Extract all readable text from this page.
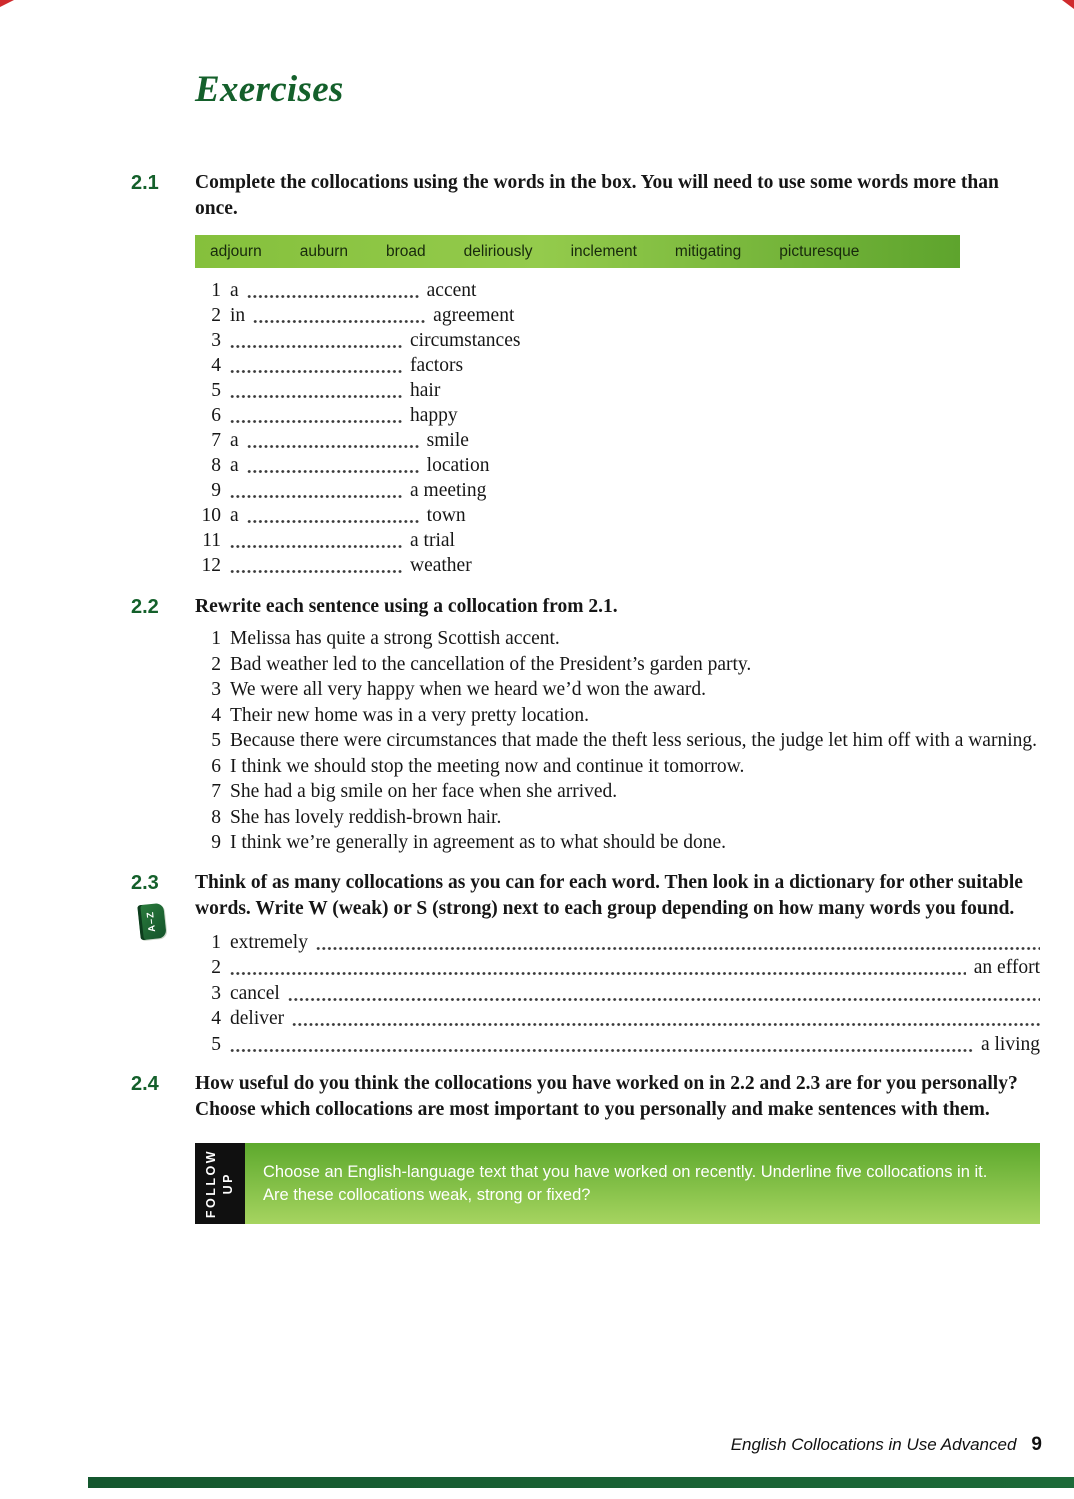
Exercises
2.1 Complete the collocations using the words in the box. You will need to use some words more than once.

adjourn auburn broad deliriously inclement mitigating picturesque
1 a	accent
2 in	agreement
3	circumstances
4	factors
5	hair
6	happy
7 a	smile
8 a	location
9	a meeting
10 a	town
11	a trial
12	weather
2.2 Rewrite each sentence using a collocation from 2.1.

1 Melissa has quite a strong Scottish accent.
2 Bad weather led to the cancellation of the President’s garden party.
3 We were all very happy when we heard we’d won the award.
4 Their new home was in a very pretty location.
5 Because there were circumstances that made the theft less serious, the judge let him off with a warning.
6 I think we should stop the meeting now and continue it tomorrow.
7 She had a big smile on her face when she arrived.
8 She has lovely reddish-brown hair.
9 I think we’re generally in agreement as to what should be done.
2.3
A–Z

Think of as many collocations as you can for each word. Then look in a dictionary for other suitable words. Write W (weak) or S (strong) next to each group depending on how many words you found.

1 extremely
2	an effort
3 cancel
4 deliver
5	a living
2.4 How useful do you think the collocations you have worked on in 2.2 and 2.3 are for you personally? Choose which collocations are most important to you personally and make sentences with them.

FOLLOW UP

Choose an English-language text that you have worked on recently. Underline five collocations in it.

Are these collocations weak, strong or fixed?

English Collocations in Use Advanced 9
